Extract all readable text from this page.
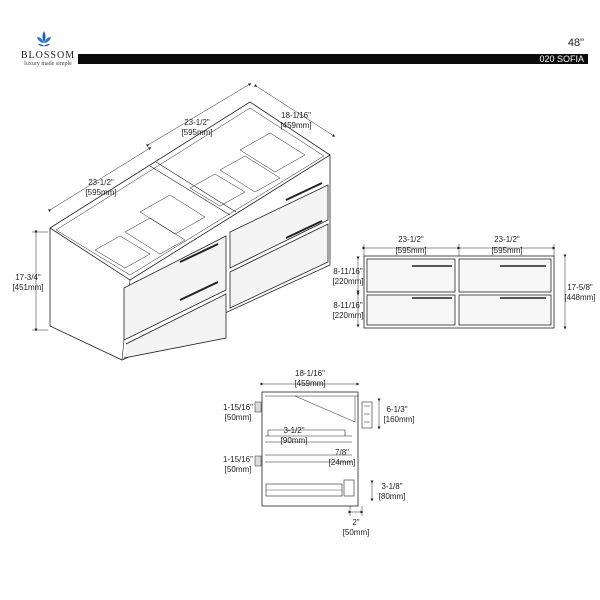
BLOSSOM
luxury made simple
48"
020 SOFIA
23-1/2"
[595mm]
23-1/2"
[595mm]
18-1/16"
[459mm]
17-3/4"
[451mm]
23-1/2"
[595mm]
23-1/2"
[595mm]
8-11/16"
[220mm]
8-11/16"
[220mm]
17-5/8"
[448mm]
18-1/16"
[459mm]
1-15/16"
[50mm]
1-15/16"
[50mm]
3-1/2"
[90mm]
7/8"
[24mm]
6-1/3"
[160mm]
3-1/8"
[80mm]
2"
[50mm]
